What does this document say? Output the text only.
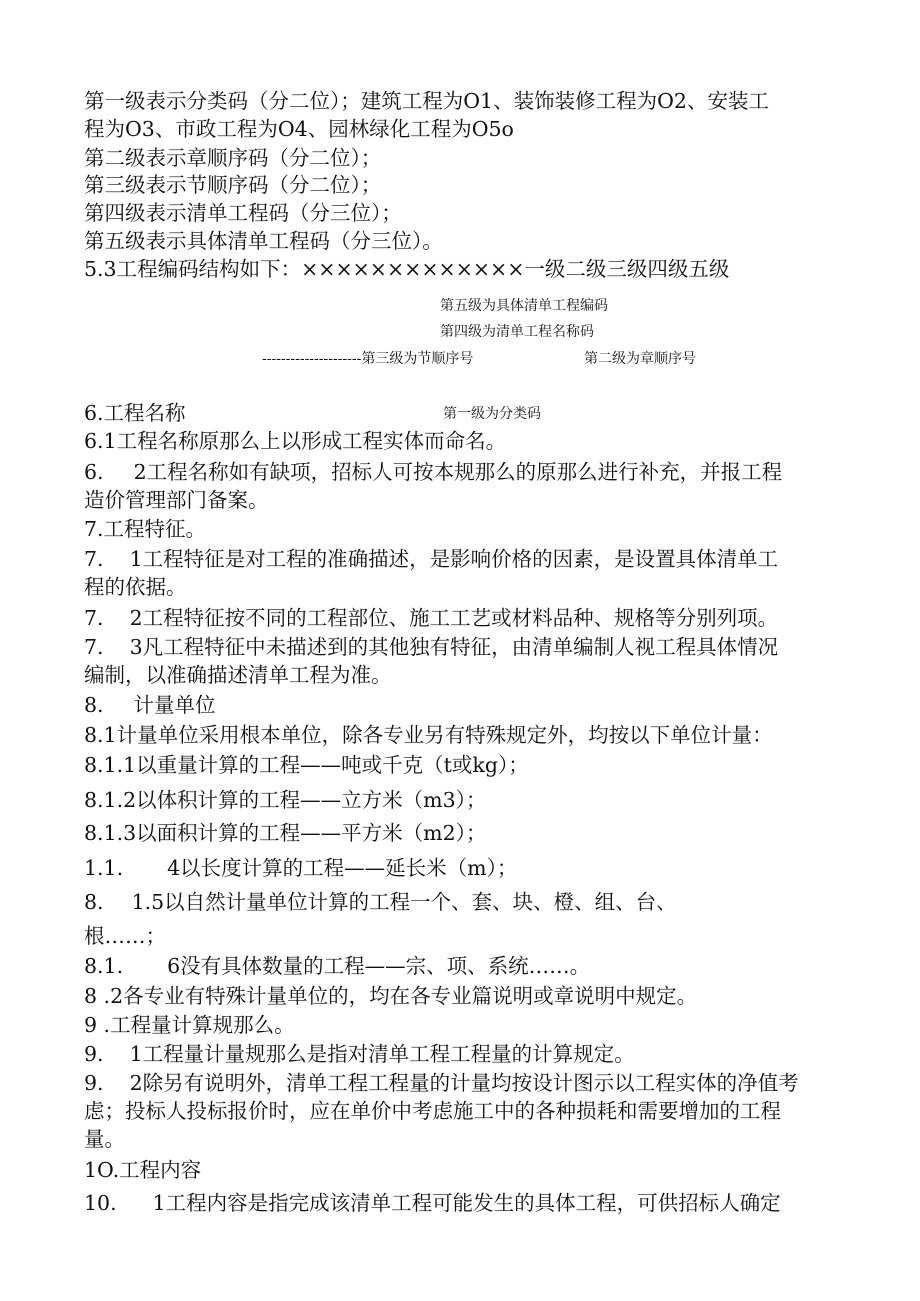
第一级表示分类码（分二位）；建筑工程为O1、装饰装修工程为O2、安装工
程为O3、市政工程为O4、园林绿化工程为O5o
第二级表示章顺序码（分二位）；
第三级表示节顺序码（分二位）；
第四级表示清单工程码（分三位）；
第五级表示具体清单工程码（分三位）。
5.3工程编码结构如下：×××××××××××××一级二级三级四级五级
第五级为具体清单工程编码
第四级为清单工程名称码
---------------------第三级为节顺序号	第二级为章顺序号
第一级为分类码
6.工程名称
6.1工程名称原那么上以形成工程实体而命名。
6. 2工程名称如有缺项，招标人可按本规那么的原那么进行补充，并报工程
造价管理部门备案。
7.工程特征。
7. 1工程特征是对工程的准确描述，是影响价格的因素，是设置具体清单工
程的依据。
7. 2工程特征按不同的工程部位、施工工艺或材料品种、规格等分别列项。
7. 3凡工程特征中未描述到的其他独有特征，由清单编制人视工程具体情况
编制，以准确描述清单工程为准。
8. 计量单位
8.1计量单位采用根本单位，除各专业另有特殊规定外，均按以下单位计量：
8.1.1以重量计算的工程——吨或千克（t或kg）；
8.1.2以体积计算的工程——立方米（m3）；
8.1.3以面积计算的工程——平方米（m2）；
1.1. 4以长度计算的工程——延长米（m）；
8. 1.5以自然计量单位计算的工程一个、套、块、橙、组、台、
根……；
8.1. 6没有具体数量的工程——宗、项、系统……。
8 .2各专业有特殊计量单位的，均在各专业篇说明或章说明中规定。
9 .工程量计算规那么。
9. 1工程量计量规那么是指对清单工程工程量的计算规定。
9. 2除另有说明外，清单工程工程量的计量均按设计图示以工程实体的净值考
虑；投标人投标报价时，应在单价中考虑施工中的各种损耗和需要增加的工程
量。
1O.工程内容
10. 1工程内容是指完成该清单工程可能发生的具体工程，可供招标人确定
